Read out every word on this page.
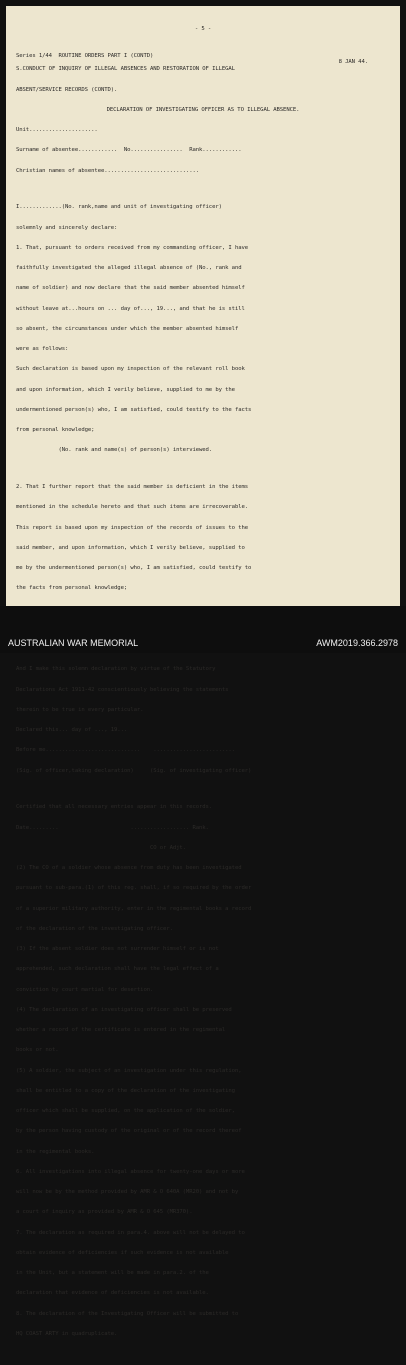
- 5 -

Series 1/44  ROUTINE ORDERS PART I (CONTD)

8 JAN 44.

S.CONDUCT OF INQUIRY OF ILLEGAL ABSENCES AND RESTORATION OF ILLEGAL

ABSENT/SERVICE RECORDS (CONTD).

DECLARATION OF INVESTIGATING OFFICER AS TO ILLEGAL ABSENCE.

Unit.....................

Surname of absentee............  No................  Rank............

Christian names of absentee.............................

I.............(No. rank,name and unit of investigating officer)

solemnly and sincerely declare:

1. That, pursuant to orders received from my commanding officer, I have

faithfully investigated the alleged illegal absence of (No., rank and

name of soldier) and now declare that the said member absented himself

without leave at...hours on ... day of..., 19..., and that he is still

so absent, the circumstances under which the member absented himself

were as follows:

Such declaration is based upon my inspection of the relevant roll book

and upon information, which I verily believe, supplied to me by the

undermentioned person(s) who, I am satisfied, could testify to the facts

from personal knowledge;

(No. rank and name(s) of person(s) interviewed.

2. That I further report that the said member is deficient in the items

mentioned in the schedule hereto and that such items are irrecoverable.

This report is based upon my inspection of the records of issues to the

said member, and upon information, which I verily believe, supplied to

me by the undermentioned person(s) who, I am satisfied, could testify to

the facts from personal knowledge;

And I make this solemn declaration by virtue of the Statutory

Declarations Act 1911-42 conscientiously believing the statements

therein to be true in every particular.

Declared this... day of ..., 19...

Before me.............................    .........................

(Sig. of officer,taking declaration)     (Sig. of investigating officer)

Certified that all necessary entries appear in this records.

Date.........                      .................. Rank.

CO or Adjt.

(2) The CO of a soldier whose absence from duty has been investigated

pursuant to sub-para.(1) of this reg. shall, if so required by the order

of a superior military authority, enter in the regimental books a record

of the declaration of the investigating officer.

(3) If the absent soldier does not surrender himself or is not

apprehended, such declaration shall have the legal effect of a

conviction by court martial for desertion.

(4) The declaration of an investigating officer shall be preserved

whether a record of the certificate is entered in the regimental

books or not.

(5) A soldier, the subject of an investigation under this regulation,

shall be entitled to a copy of the declaration of the investigating

officer which shall be supplied, on the application of the soldier,

by the person having custody of the original or of the record thereof

in the regimental books.

6. All investigations into illegal absence for twenty-one days or more

will now be by the method provided by AMR & O 640A (MR20) and not by

a court of inquiry as provided by AMR & O 645 (MR370).

7. The declaration as required in para.4. above will not be delayed to

obtain evidence of deficiencies if such evidence is not available

in the Unit, but a statement will be made in para.2. of the

declaration that evidence of deficiencies is not available.

8. The declaration of the Investigating Officer will be submitted to

HQ COAST ARTY in quadruplicate.

AUSTRALIAN WAR MEMORIAL	AWM2019.366.2978
